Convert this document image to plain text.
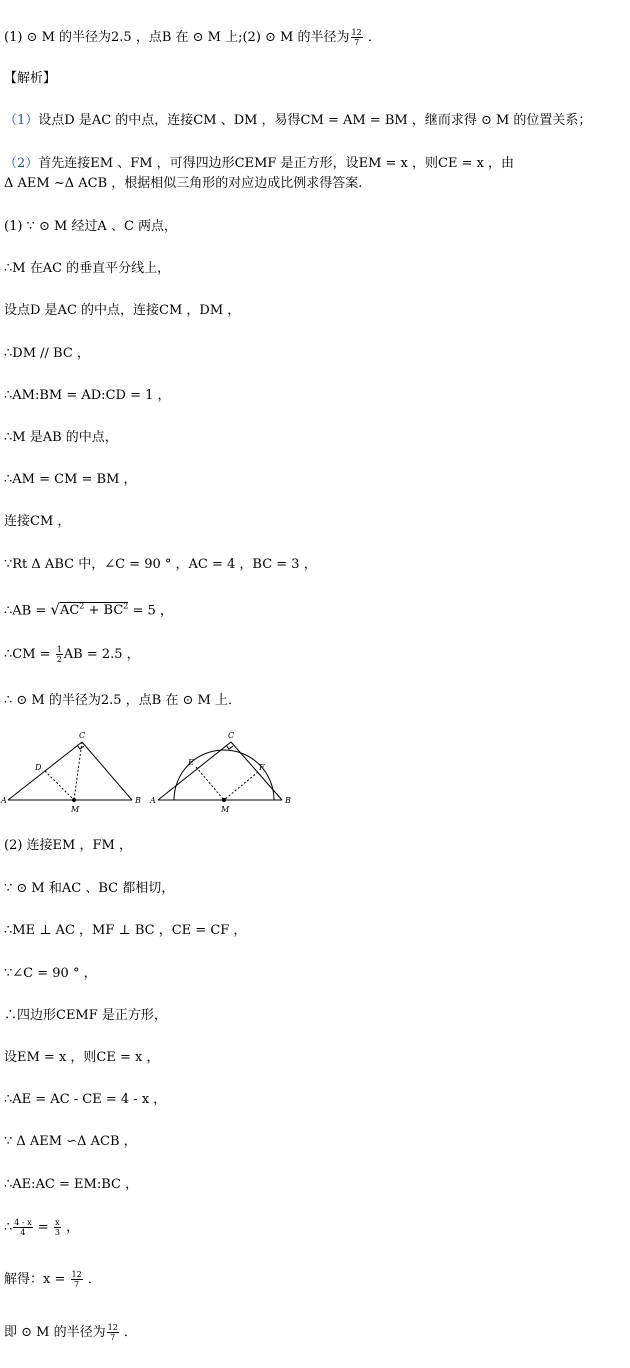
(1) ⊙ M 的半径为2.5 ，点B 在 ⊙ M 上;(2) ⊙ M 的半径为 $\frac{12}{7}$ ．
【解析】
（1）设点D 是AC 的中点，连接CM 、DM ，易得CM = AM = BM ，继而求得 ⊙ M 的位置关系；
（2）首先连接EM 、FM ，可得四边形CEMF 是正方形，设EM = x ，则CE = x ，由
Δ AEM ~Δ ACB ，根据相似三角形的对应边成比例求得答案.
(1) ∵ ⊙ M 经过A 、C 两点，
∴M 在AC 的垂直平分线上，
设点D 是AC 的中点，连接CM ，DM ，
∴DM // BC ，
∴AM:BM = AD:CD = 1 ，
∴M 是AB 的中点，
∴AM = CM = BM ，
连接CM ，
∵Rt Δ ABC 中，∠C = 90 ° ，AC = 4 ，BC = 3 ，
∴AB = $√AC^2 + BC^2 = 5$ ，
∴CM = $\frac{1}{2}$ AB = 2.5 ，
∴ ⊙ M 的半径为2.5 ，点B 在 ⊙ M 上．
A	B
C
D
M
A	B
C
E
F
M
(2) 连接EM ，FM ，
∵ ⊙ M 和AC 、BC 都相切，
∴ME ⊥ AC ，MF ⊥ BC ，CE = CF ，
∵∠C = 90 ° ，
∴四边形CEMF 是正方形，
设EM = x ，则CE = x ，
∴AE = AC - CE = 4 - x ，
∵ Δ AEM ∽Δ ACB ，
∴AE:AC = EM:BC ，
∴ $\frac{4 - x}{4} = \frac{x}{3}$ ，
解得：$x = \frac{12}{7}$ ．
即 ⊙ M 的半径为 $\frac{12}{7}$ ．
